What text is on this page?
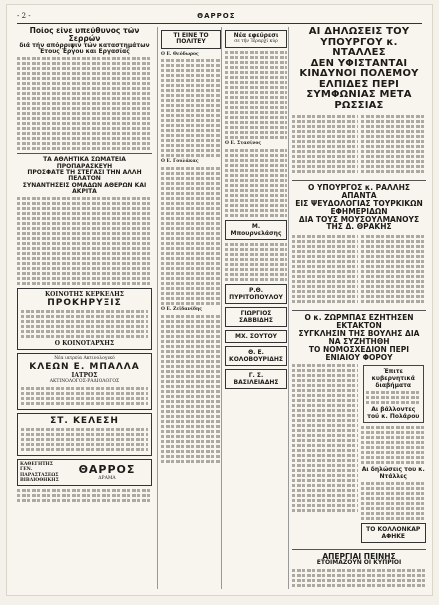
- 2 -	ΘΑΡΡΟΣ
Ποίος είνε υπεύθυνος τών Σερρών
διά τήν απόρριψιν τών καταστημάτων
Έτους Έργου και Εργασίας
ΤΑ ΑΘΛΗΤΙΚΑ ΣΩΜΑΤΕΙΑ ΠΡΟΠΑΡΑΣΚΕΥΗ
ΠΡΟΣΦΑΤΕ ΤΗ ΣΤΕΓΑΣΙ ΤΗΝ ΑΛΛΗ ΠΕΛΑΤΟΝ
ΣΥΝΑΝΤΗΣΕΙΣ ΟΜΑΔΩΝ ΑΘΕΡΩΝ ΚΑΙ ΑΚΡΙΤΑ
ΚΟΙΝΟΤΗΣ ΚΕΡΚΕΛΗΣ
ΠΡΟΚΗΡΥΞΙΣ
Ο ΚΟΙΝΟΤΑΡΧΗΣ
Νέα ιατρεία Ακτινολογικό
ΚΛΕΩΝ Ε. ΜΠΑΛΛΑ
ΙΑΤΡΟΣ
ΑΚΤΙΝΟΛΟΓΟΣ-ΡΑΔΙΟΛΟΓΟΣ
ΣΤ. ΚΕΛΕΣΗ
ΚΑΘΕΓΗΤΗΣ ΓΕΝ. ΠΑΡΑΣΤΑΣΕΩΣ ΒΙΒΛΙΟΘΗΚΗΣ
ΘΑΡΡΟΣ
ΔΡΑΜΑ
ΤΙ ΕΙΝΕ ΤΟ ΠΟΛΙΤΕΥ
Ο Ε. Θεόδωρος
Ο Ε. Γουλάκας
Ο Ε. Ζεϊδανίδης
Νέα εφεύρεσι
σε τήν Ίεραρχί κύρ
Ο Ε. Στασίνος
Μ. Μπουρνελάσης
Ρ.Θ. ΠΥΡΙΤΟΠΟΥΛΟΥ
ΓΙΩΡΓΙΟΣ ΣΑΒΒΙΔΗΣ
ΜΧ. ΣΟΥΤΟΥ
Θ. Ε. ΚΟΛΟΒΟΥΡΙΔΗΣ
Γ. Σ. ΒΑΣΙΛΕΙΑΔΗΣ
ΑΙ ΔΗΛΩΣΕΙΣ ΤΟΥ ΥΠΟΥΡΓΟΥ κ. ΝΤΑΛΛΕΣ
ΔΕΝ ΥΦΙΣΤΑΝΤΑΙ ΚΙΝΔΥΝΟΙ ΠΟΛΕΜΟΥ
ΕΛΠΙΔΕΣ ΠΕΡΙ ΣΥΜΦΩΝΙΑΣ ΜΕΤΑ ΡΩΣΣΙΑΣ
Ο ΥΠΟΥΡΓΟΣ κ. ΡΑΛΛΗΣ ΑΠΑΝΤΑ
ΕΙΣ ΨΕΥΔΟΛΟΓΙΑΣ ΤΟΥΡΚΙΚΩΝ ΕΦΗΜΕΡΙΔΩΝ
ΔΙΑ ΤΟΥΣ ΜΟΥΣΟΥΛΜΑΝΟΥΣ ΤΗΣ Δ. ΘΡΑΚΗΣ
Ο κ. ΖΩΡΜΠΑΣ ΕΖΗΤΗΣΕΝ ΕΚΤΑΚΤΟΝ
ΣΥΓΚΛΗΣΙΝ ΤΗΣ ΒΟΥΛΗΣ ΔΙΑ ΝΑ ΣΥΖΗΤΗΘΗ
ΤΟ ΝΟΜΟΣΧΕΔΙΟΝ ΠΕΡΙ ΕΝΙΑΙΟΥ ΦΟΡΟΥ
Έπιτε κυβερνητικά διαβήματα
Αι βάλλοντες τού κ. Πολάρου
Αι δηλώσεις του κ. Ντάλλες
ΤΟ ΚΟΛΛΟΝΚΑΡ ΑΦΗΚΕ
ΑΠΕΡΓΙΑΙ ΠΕΙΝΗΣ
ΕΤΟΙΜΑΖΟΥΝ ΟΙ ΚΥΠΡΙΟΙ
